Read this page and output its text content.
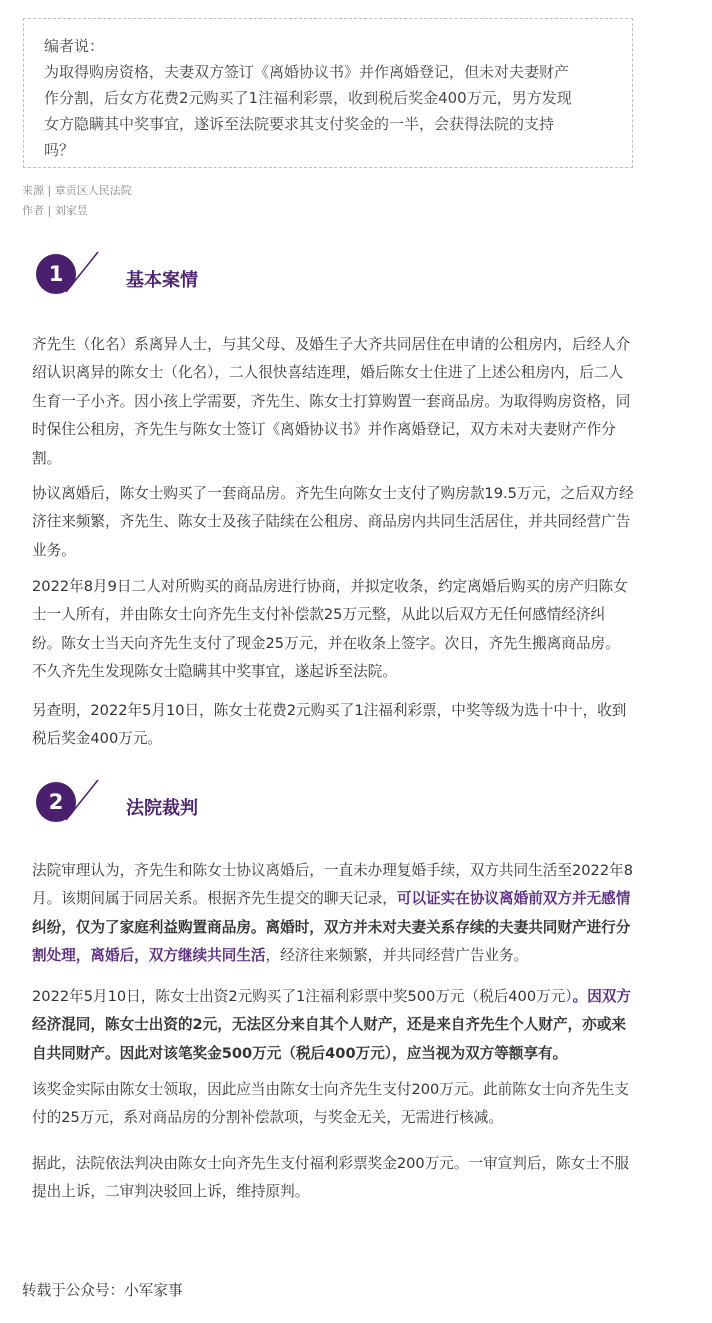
编者说：
为取得购房资格，夫妻双方签订《离婚协议书》并作离婚登记，但未对夫妻财产
作分割，后女方花费2元购买了1注福利彩票，收到税后奖金400万元，男方发现
女方隐瞒其中奖事宜，遂诉至法院要求其支付奖金的一半，会获得法院的支持
吗？
来源 | 章贡区人民法院
作者 | 刘家昱
1	基本案情
齐先生（化名）系离异人士，与其父母、及婚生子大齐共同居住在申请的公租房内，后经人介
绍认识离异的陈女士（化名），二人很快喜结连理，婚后陈女士住进了上述公租房内，后二人
生育一子小齐。因小孩上学需要，齐先生、陈女士打算购置一套商品房。为取得购房资格，同
时保住公租房，齐先生与陈女士签订《离婚协议书》并作离婚登记，双方未对夫妻财产作分
割。
协议离婚后，陈女士购买了一套商品房。齐先生向陈女士支付了购房款19.5万元，之后双方经
济往来频繁，齐先生、陈女士及孩子陆续在公租房、商品房内共同生活居住，并共同经营广告
业务。
2022年8月9日二人对所购买的商品房进行协商，并拟定收条，约定离婚后购买的房产归陈女
士一人所有，并由陈女士向齐先生支付补偿款25万元整，从此以后双方无任何感情经济纠
纷。陈女士当天向齐先生支付了现金25万元，并在收条上签字。次日，齐先生搬离商品房。
不久齐先生发现陈女士隐瞒其中奖事宜，遂起诉至法院。
另查明，2022年5月10日，陈女士花费2元购买了1注福利彩票，中奖等级为选十中十，收到
税后奖金400万元。
2	法院裁判
法院审理认为，齐先生和陈女士协议离婚后，一直未办理复婚手续，双方共同生活至2022年8
月。该期间属于同居关系。根据齐先生提交的聊天记录，可以证实在协议离婚前双方并无感情
纠纷，仅为了家庭利益购置商品房。离婚时，双方并未对夫妻关系存续的夫妻共同财产进行分
割处理，离婚后，双方继续共同生活，经济往来频繁，并共同经营广告业务。
2022年5月10日，陈女士出资2元购买了1注福利彩票中奖500万元（税后400万元）。因双方
经济混同，陈女士出资的2元，无法区分来自其个人财产，还是来自齐先生个人财产，亦或来
自共同财产。因此对该笔奖金500万元（税后400万元），应当视为双方等额享有。
该奖金实际由陈女士领取，因此应当由陈女士向齐先生支付200万元。此前陈女士向齐先生支
付的25万元，系对商品房的分割补偿款项，与奖金无关，无需进行核减。
据此，法院依法判决由陈女士向齐先生支付福利彩票奖金200万元。一审宣判后，陈女士不服
提出上诉，二审判决驳回上诉，维持原判。
转载于公众号：小军家事
